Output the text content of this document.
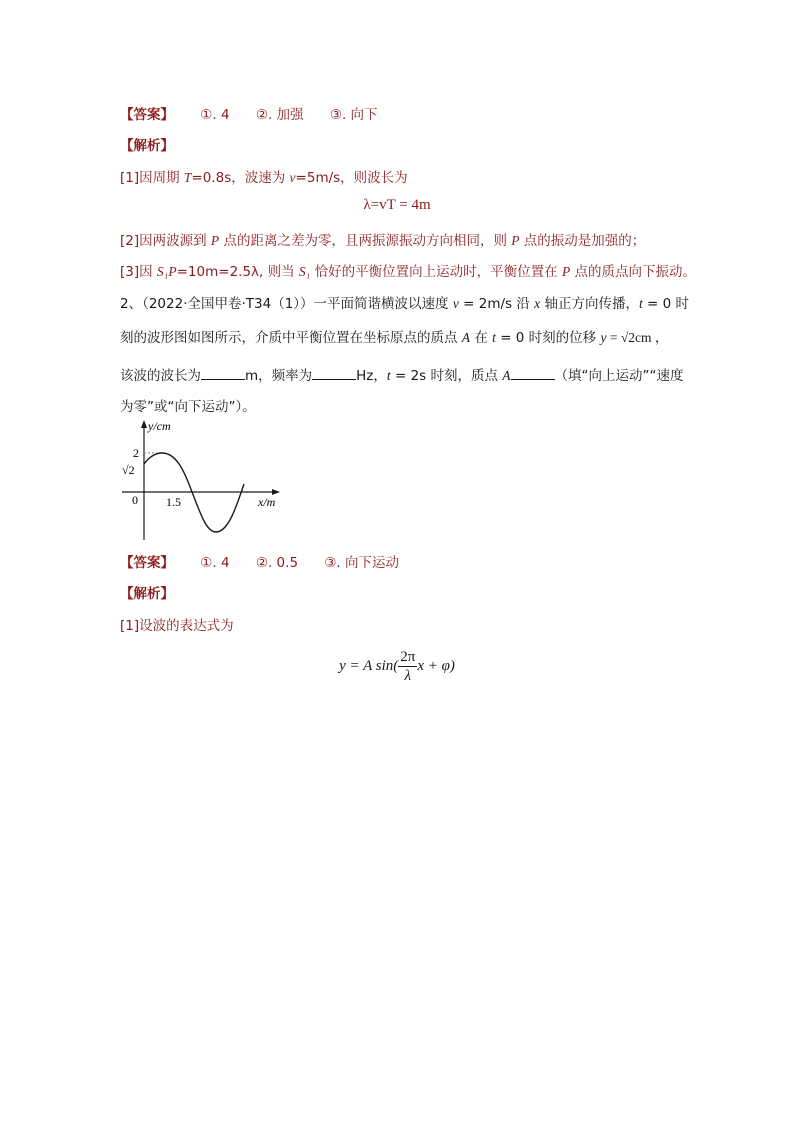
【答案】 ①. 4 ②. 加强 ③. 向下
【解析】
[1]因周期 T=0.8s，波速为 v=5m/s，则波长为
λ=vT = 4m
[2]因两波源到 P 点的距离之差为零，且两振源振动方向相同，则 P 点的振动是加强的；
[3]因 S₁P=10m=2.5λ, 则当 S₁ 恰好的平衡位置向上运动时，平衡位置在 P 点的质点向下振动。
2、（2022·全国甲卷·T34（1））一平面简谐横波以速度 v = 2m/s 沿 x 轴正方向传播，t = 0 时
刻的波形图如图所示，介质中平衡位置在坐标原点的质点 A 在 t = 0 时刻的位移 y = √2cm ，
该波的波长为	m，频率为	Hz，t = 2s 时刻，质点 A	（填“向上运动”“速度
为零”或“向下运动”）。
y/cm
x/m
2
√2
0 1.5
【答案】 ①. 4 ②. 0.5 ③. 向下运动
【解析】
[1]设波的表达式为
y = A $\sin( \frac{2\pi}{\lambda}$ x + φ)
